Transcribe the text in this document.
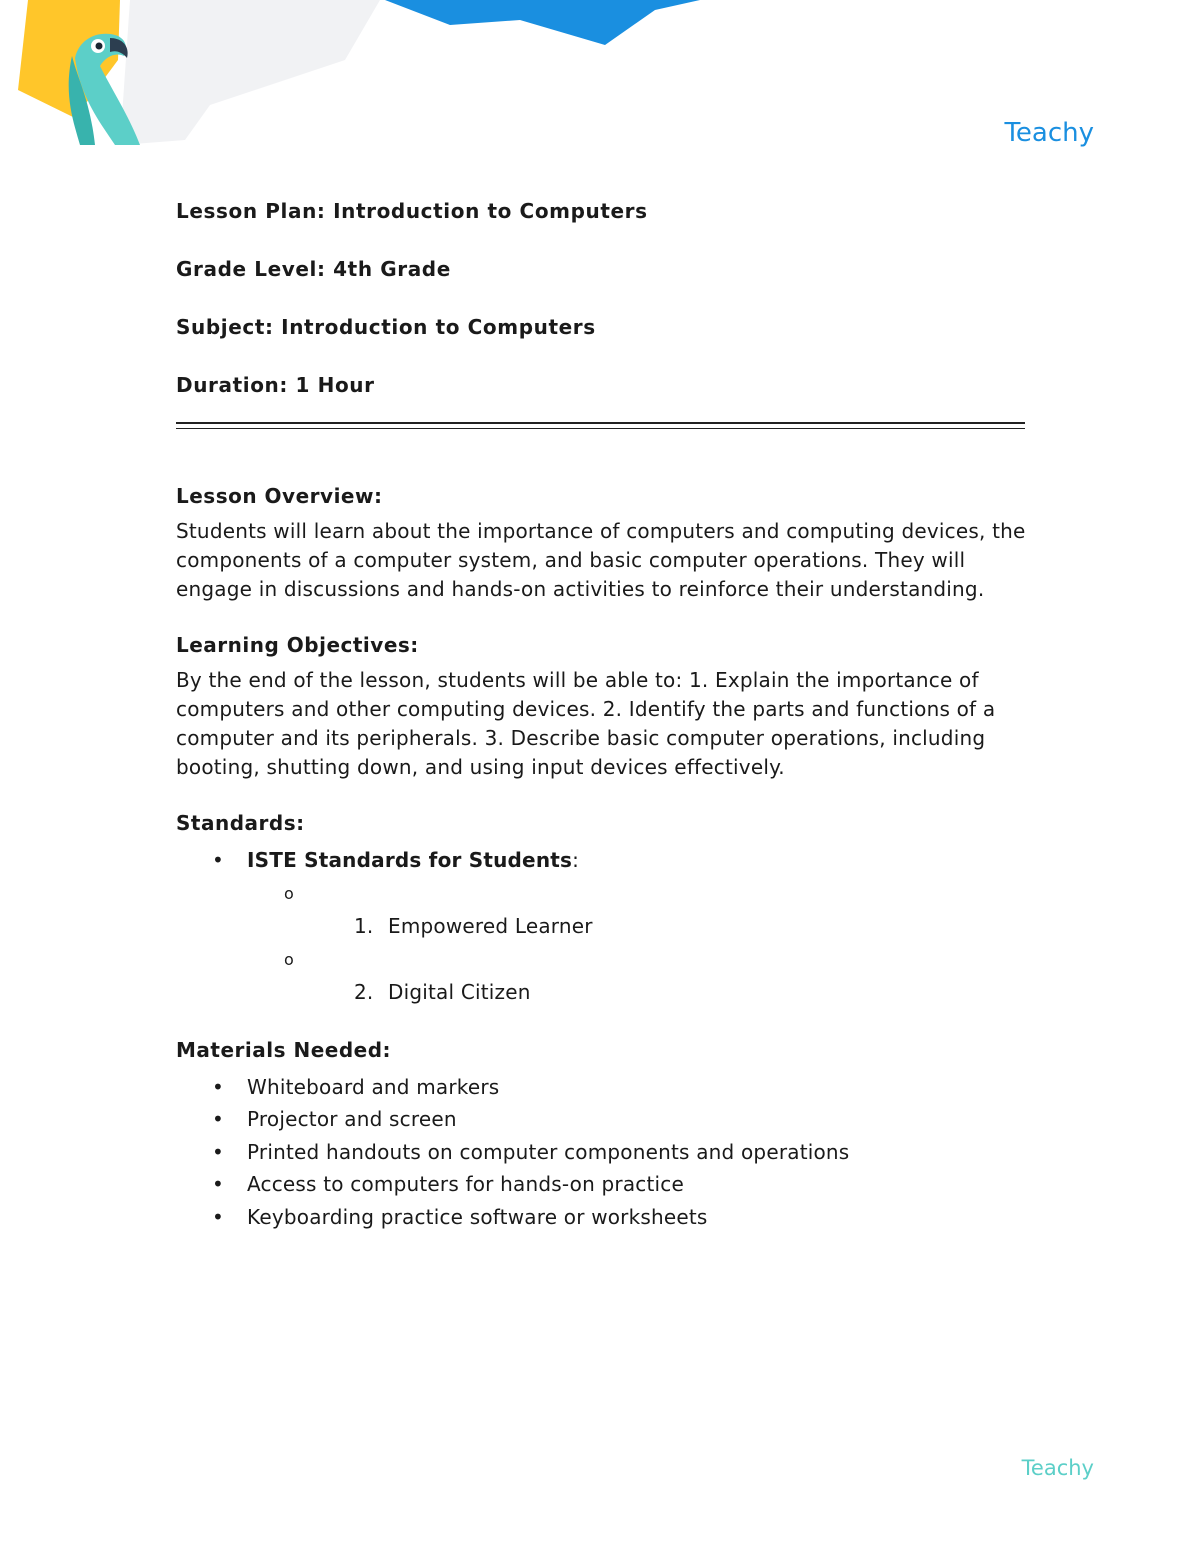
Teachy

Lesson Plan: Introduction to Computers

Grade Level: 4th Grade

Subject: Introduction to Computers

Duration: 1 Hour

Lesson Overview:

Students will learn about the importance of computers and computing devices, the components of a computer system, and basic computer operations. They will engage in discussions and hands-on activities to reinforce their understanding.

Learning Objectives:

By the end of the lesson, students will be able to: 1. Explain the importance of computers and other computing devices. 2. Identify the parts and functions of a computer and its peripherals. 3. Describe basic computer operations, including booting, shutting down, and using input devices effectively.

Standards:

• ISTE Standards for Students:
o
1. Empowered Learner
o
2. Digital Citizen

Materials Needed:

• Whiteboard and markers
• Projector and screen
• Printed handouts on computer components and operations
• Access to computers for hands-on practice
• Keyboarding practice software or worksheets
Teachy
